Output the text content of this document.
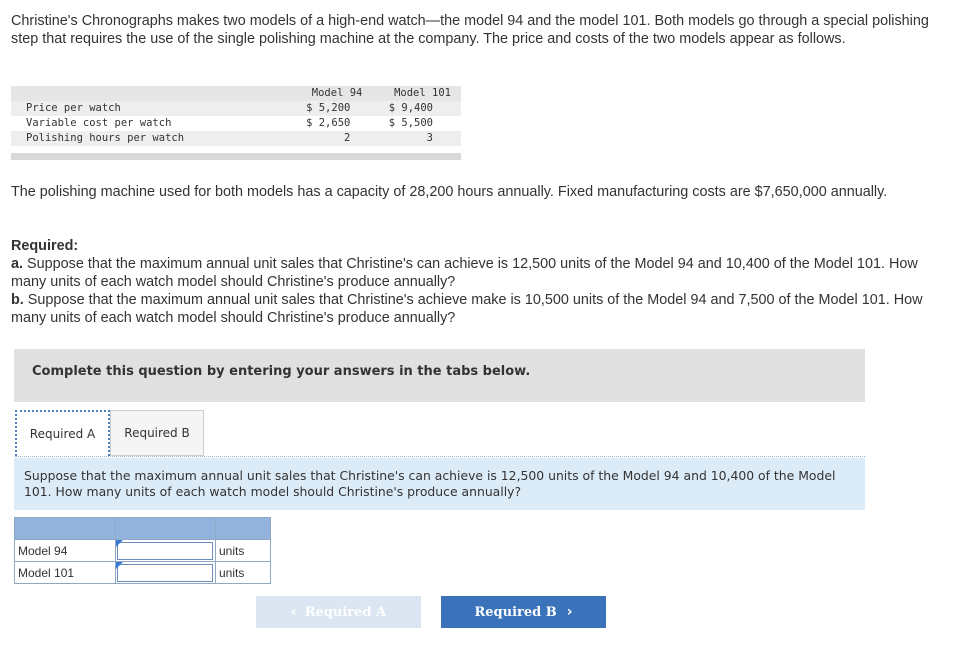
Christine's Chronographs makes two models of a high-end watch—the model 94 and the model 101. Both models go through a special polishing step that requires the use of the single polishing machine at the company. The price and costs of the two models appear as follows.

	Model 94	Model 101
Price per watch	$ 5,200	$ 9,400
Variable cost per watch	$ 2,650	$ 5,500
Polishing hours per watch	2	3

The polishing machine used for both models has a capacity of 28,200 hours annually. Fixed manufacturing costs are $7,650,000 annually.

Required:

a. Suppose that the maximum annual unit sales that Christine's can achieve is 12,500 units of the Model 94 and 10,400 of the Model 101. How many units of each watch model should Christine's produce annually?

b. Suppose that the maximum annual unit sales that Christine's achieve make is 10,500 units of the Model 94 and 7,500 of the Model 101. How many units of each watch model should Christine's produce annually?

Complete this question by entering your answers in the tabs below.
Required A	Required B
Suppose that the maximum annual unit sales that Christine's can achieve is 12,500 units of the Model 94 and 10,400 of the Model 101. How many units of each watch model should Christine's produce annually?

Model 94		units
Model 101		units
‹ Required A	Required B ›
